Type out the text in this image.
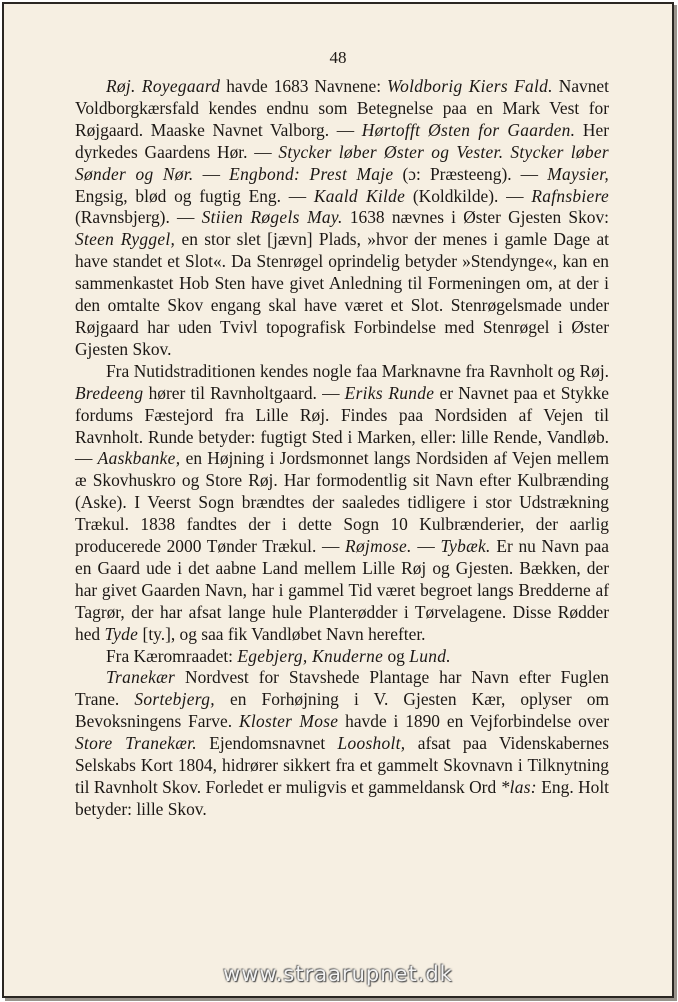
48

Røj. Royegaard havde 1683 Navnene: Woldborig Kiers Fald. Navnet Voldborgkærsfald kendes endnu som Betegnelse paa en Mark Vest for Røjgaard. Maaske Navnet Valborg. — Hørtofft Østen for Gaarden. Her dyrkedes Gaardens Hør. — Stycker løber Øster og Vester. Stycker løber Sønder og Nør. — Engbond: Prest Maje (ɔ: Præsteeng). — Maysier, Engsig, blød og fugtig Eng. — Kaald Kilde (Koldkilde). — Rafnsbiere (Ravnsbjerg). — Stiien Røgels May. 1638 nævnes i Øster Gjesten Skov: Steen Ryggel, en stor slet [jævn] Plads, »hvor der menes i gamle Dage at have standet et Slot«. Da Stenrøgel oprindelig betyder »Stendynge«, kan en sammenkastet Hob Sten have givet Anledning til Formeningen om, at der i den omtalte Skov engang skal have været et Slot. Stenrøgelsmade under Røjgaard har uden Tvivl topografisk Forbindelse med Stenrøgel i Øster Gjesten Skov.

Fra Nutidstraditionen kendes nogle faa Marknavne fra Ravnholt og Røj. Bredeeng hører til Ravnholtgaard. — Eriks Runde er Navnet paa et Stykke fordums Fæstejord fra Lille Røj. Findes paa Nordsiden af Vejen til Ravnholt. Runde betyder: fugtigt Sted i Marken, eller: lille Rende, Vandløb. — Aaskbanke, en Højning i Jordsmonnet langs Nordsiden af Vejen mellem æ Skovhuskro og Store Røj. Har formodentlig sit Navn efter Kulbrænding (Aske). I Veerst Sogn brændtes der saaledes tidligere i stor Udstrækning Trækul. 1838 fandtes der i dette Sogn 10 Kulbrænderier, der aarlig producerede 2000 Tønder Trækul. — Røjmose. — Tybæk. Er nu Navn paa en Gaard ude i det aabne Land mellem Lille Røj og Gjesten. Bækken, der har givet Gaarden Navn, har i gammel Tid været begroet langs Bredderne af Tagrør, der har afsat lange hule Planterødder i Tørvelagene. Disse Rødder hed Tyde [ty.], og saa fik Vandløbet Navn herefter.

Fra Kæromraadet: Egebjerg, Knuderne og Lund.

Tranekær Nordvest for Stavshede Plantage har Navn efter Fuglen Trane. Sortebjerg, en Forhøjning i V. Gjesten Kær, oplyser om Bevoksningens Farve. Kloster Mose havde i 1890 en Vejforbindelse over Store Tranekær. Ejendomsnavnet Loosholt, afsat paa Videnskabernes Selskabs Kort 1804, hidrører sikkert fra et gammelt Skovnavn i Tilknytning til Ravnholt Skov. Forledet er muligvis et gammeldansk Ord *las: Eng. Holt betyder: lille Skov.

www.straarupnet.dk
